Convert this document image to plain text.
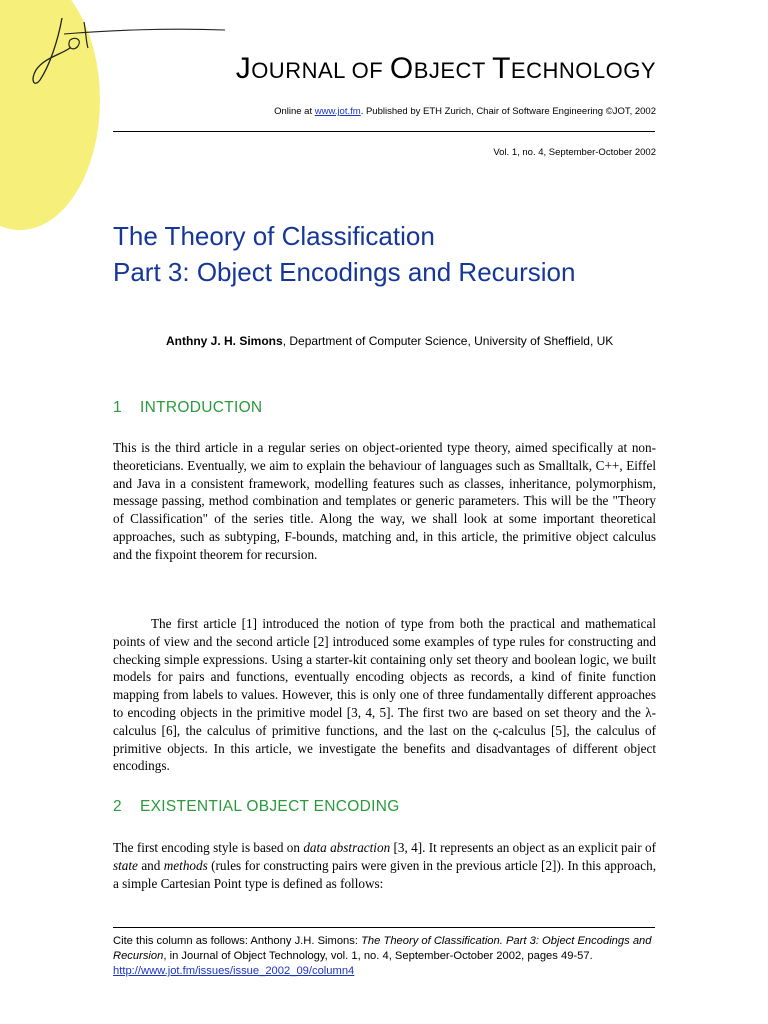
JOURNAL OF OBJECT TECHNOLOGY
Online at www.jot.fm. Published by ETH Zurich, Chair of Software Engineering ©JOT, 2002
Vol. 1, no. 4, September-October 2002
The Theory of Classification
Part 3: Object Encodings and Recursion
Anthny J. H. Simons, Department of Computer Science, University of Sheffield, UK
1 INTRODUCTION

This is the third article in a regular series on object-oriented type theory, aimed specifically at non-theoreticians. Eventually, we aim to explain the behaviour of languages such as Smalltalk, C++, Eiffel and Java in a consistent framework, modelling features such as classes, inheritance, polymorphism, message passing, method combination and templates or generic parameters. This will be the "Theory of Classification" of the series title. Along the way, we shall look at some important theoretical approaches, such as subtyping, F-bounds, matching and, in this article, the primitive object calculus and the fixpoint theorem for recursion.

The first article [1] introduced the notion of type from both the practical and mathematical points of view and the second article [2] introduced some examples of type rules for constructing and checking simple expressions. Using a starter-kit containing only set theory and boolean logic, we built models for pairs and functions, eventually encoding objects as records, a kind of finite function mapping from labels to values. However, this is only one of three fundamentally different approaches to encoding objects in the primitive model [3, 4, 5]. The first two are based on set theory and the λ-calculus [6], the calculus of primitive functions, and the last on the ς-calculus [5], the calculus of primitive objects. In this article, we investigate the benefits and disadvantages of different object encodings.

2 EXISTENTIAL OBJECT ENCODING

The first encoding style is based on data abstraction [3, 4]. It represents an object as an explicit pair of state and methods (rules for constructing pairs were given in the previous article [2]). In this approach, a simple Cartesian Point type is defined as follows:

Cite this column as follows: Anthony J.H. Simons: The Theory of Classification. Part 3: Object Encodings and Recursion, in Journal of Object Technology, vol. 1, no. 4, September-October 2002, pages 49-57. http://www.jot.fm/issues/issue_2002_09/column4
